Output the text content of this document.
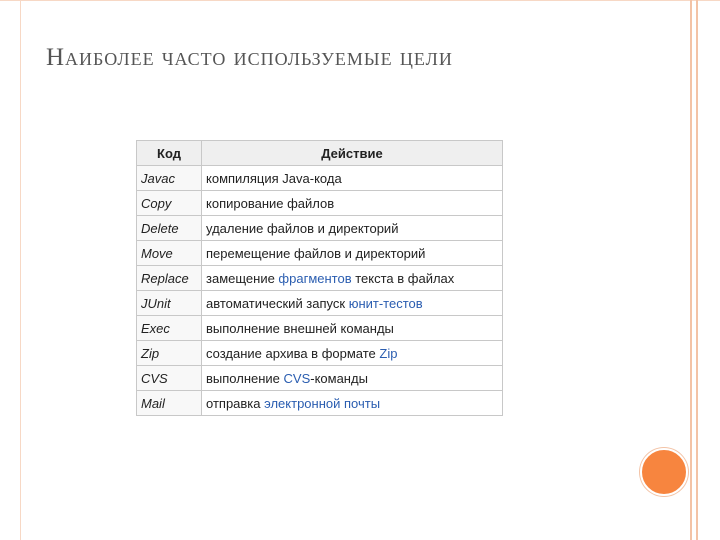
Наиболее часто используемые цели
Код	Действие
Javac	компиляция Java-кода
Copy	копирование файлов
Delete	удаление файлов и директорий
Move	перемещение файлов и директорий
Replace	замещение фрагментов текста в файлах
JUnit	автоматический запуск юнит-тестов
Exec	выполнение внешней команды
Zip	создание архива в формате Zip
CVS	выполнение CVS-команды
Mail	отправка электронной почты
